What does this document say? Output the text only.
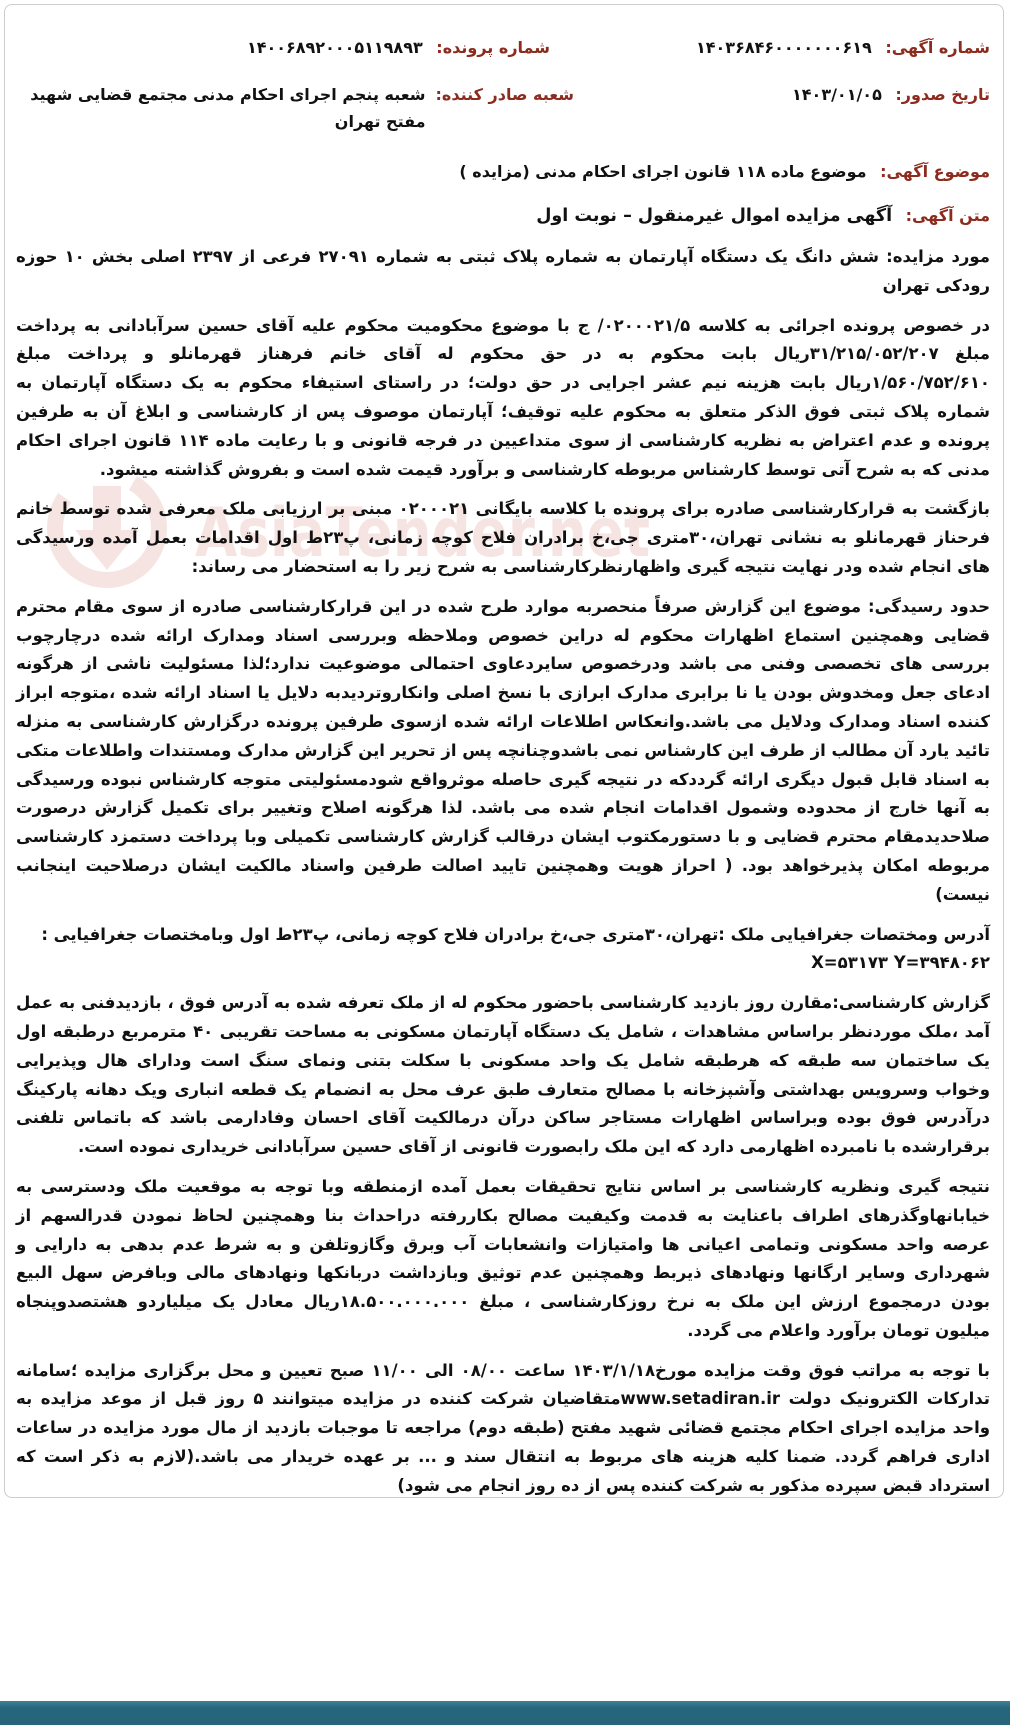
AsiaTender.net
شماره آگهی: ۱۴۰۳۶۸۴۶۰۰۰۰۰۰۰۶۱۹
شماره پرونده: ۱۴۰۰۶۸۹۲۰۰۰۵۱۱۹۸۹۳
تاریخ صدور: ۱۴۰۳/۰۱/۰۵
شعبه صادر کننده:
شعبه پنجم اجرای احکام مدنی مجتمع قضایی شهید مفتح تهران
موضوع آگهی: موضوع ماده ۱۱۸ قانون اجرای احکام مدنی (مزایده )
متن آگهی: آگهی مزایده اموال غیرمنقول – نوبت اول

مورد مزایده: شش دانگ یک دستگاه آپارتمان به شماره پلاک ثبتی به شماره ۲۷۰۹۱ فرعی از ۲۳۹۷ اصلی بخش ۱۰ حوزه رودکی تهران

در خصوص پرونده اجرائی به کلاسه ۰۲۰۰۰۲۱/۵/ ج با موضوع محکومیت محکوم علیه آقای حسین سرآبادانی به پرداخت مبلغ ۳۱/۲۱۵/۰۵۲/۲۰۷ریال بابت محکوم به در حق محکوم له آقای خانم فرهناز قهرمانلو و پرداخت مبلغ ۱/۵۶۰/۷۵۲/۶۱۰ریال بابت هزینه نیم عشر اجرایی در حق دولت؛ در راستای استیفاء محکوم به یک دستگاه آپارتمان به شماره پلاک ثبتی فوق الذکر متعلق به محکوم علیه توقیف؛ آپارتمان موصوف پس از کارشناسی و ابلاغ آن به طرفین پرونده و عدم اعتراض به نظریه کارشناسی از سوی متداعیین در فرجه قانونی و با رعایت ماده ۱۱۴ قانون اجرای احکام مدنی که به شرح آتی توسط کارشناس مربوطه کارشناسی و برآورد قیمت شده است و بفروش گذاشته میشود.

بازگشت به قرارکارشناسی صادره برای پرونده با کلاسه بایگانی ۰۲۰۰۰۲۱ مبنی بر ارزیابی ملک معرفی شده توسط خانم فرحناز قهرمانلو به نشانی تهران،۳۰متری جی،خ برادران فلاح کوچه زمانی، پ۲۳ط اول اقدامات بعمل آمده ورسیدگی های انجام شده ودر نهایت نتیجه گیری واظهارنظرکارشناسی به شرح زیر را به استحضار می رساند:

حدود رسیدگی: موضوع این گزارش صرفاً منحصربه موارد طرح شده در این قرارکارشناسی صادره از سوی مقام محترم قضایی وهمچنین استماع اظهارات محکوم له دراین خصوص وملاحظه وبررسی اسناد ومدارک ارائه شده درچارچوب بررسی های تخصصی وفنی می باشد ودرخصوص سایردعاوی احتمالی موضوعیت ندارد؛لذا مسئولیت ناشی از هرگونه ادعای جعل ومخدوش بودن یا نا برابری مدارک ابرازی با نسخ اصلی وانکاروتردیدبه دلایل یا اسناد ارائه شده ،متوجه ابراز کننده اسناد ومدارک ودلایل می باشد.وانعکاس اطلاعات ارائه شده ازسوی طرفین پرونده درگزارش کارشناسی به منزله تائید یارد آن مطالب از طرف این کارشناس نمی باشدوچنانچه پس از تحریر این گزارش مدارک ومستندات واطلاعات متکی به اسناد قابل قبول دیگری ارائه گرددکه در نتیجه گیری حاصله موثرواقع شودمسئولیتی متوجه کارشناس نبوده ورسیدگی به آنها خارج از محدوده وشمول اقدامات انجام شده می باشد. لذا هرگونه اصلاح وتغییر برای تکمیل گزارش درصورت صلاحدیدمقام محترم قضایی و با دستورمکتوب ایشان درقالب گزارش کارشناسی تکمیلی وبا پرداخت دستمزد کارشناسی مربوطه امکان پذیرخواهد بود. ( احراز هویت وهمچنین تایید اصالت طرفین واسناد مالکیت ایشان درصلاحیت اینجانب نیست)

آدرس ومختصات جغرافیایی ملک :تهران،۳۰متری جی،خ برادران فلاح کوچه زمانی، پ۲۳ط اول وبامختصات جغرافیایی :
X=۵۳۱۷۳ Y=۳۹۴۸۰۶۲

گزارش کارشناسی:مقارن روز بازدید کارشناسی باحضور محکوم له از ملک تعرفه شده به آدرس فوق ، بازدیدفنی به عمل آمد ،ملک موردنظر براساس مشاهدات ، شامل یک دستگاه آپارتمان مسکونی به مساحت تقریبی ۴۰ مترمربع درطبقه اول یک ساختمان سه طبقه که هرطبقه شامل یک واحد مسکونی با سکلت بتنی ونمای سنگ است ودارای هال وپذیرایی وخواب وسرویس بهداشتی وآشپزخانه با مصالح متعارف طبق عرف محل به انضمام یک قطعه انباری ویک دهانه پارکینگ درآدرس فوق بوده وبراساس اظهارات مستاجر ساکن درآن درمالکیت آقای احسان وفادارمی باشد که باتماس تلفنی برقرارشده با نامبرده اظهارمی دارد که این ملک رابصورت قانونی از آقای حسین سرآبادانی خریداری نموده است.

نتیجه گیری ونظریه کارشناسی بر اساس نتایج تحقیقات بعمل آمده ازمنطقه وبا توجه به موقعیت ملک ودسترسی به خیابانهاوگذرهای اطراف باعنایت به قدمت وکیفیت مصالح بکاررفته دراحداث بنا وهمچنین لحاظ نمودن قدرالسهم از عرصه واحد مسکونی وتمامی اعیانی ها وامتیازات وانشعابات آب وبرق وگازوتلفن و به شرط عدم بدهی به دارایی و شهرداری وسایر ارگانها ونهادهای ذیربط وهمچنین عدم توثیق وبازداشت دربانکها ونهادهای مالی وبافرض سهل البیع بودن درمجموع ارزش این ملک به نرخ روزکارشناسی ، مبلغ ۱۸.۵۰۰.۰۰۰.۰۰۰ریال معادل یک میلیاردو هشتصدوپنجاه میلیون تومان برآورد واعلام می گردد.

با توجه به مراتب فوق وقت مزایده مورخ۱۴۰۳/۱/۱۸ ساعت ۰۸/۰۰ الی ۱۱/۰۰ صبح تعیین و محل برگزاری مزایده ؛سامانه تدارکات الکترونیک دولت www.setadiran.irمتقاضیان شرکت کننده در مزایده میتوانند ۵ روز قبل از موعد مزایده به واحد مزایده اجرای احکام مجتمع قضائی شهید مفتح (طبقه دوم) مراجعه تا موجبات بازدید از مال مورد مزایده در ساعات اداری فراهم گردد. ضمنا کلیه هزینه های مربوط به انتقال سند و ... بر عهده خریدار می باشد.(لازم به ذکر است که استرداد قبض سپرده مذکور به شرکت کننده پس از ده روز انجام می شود)
